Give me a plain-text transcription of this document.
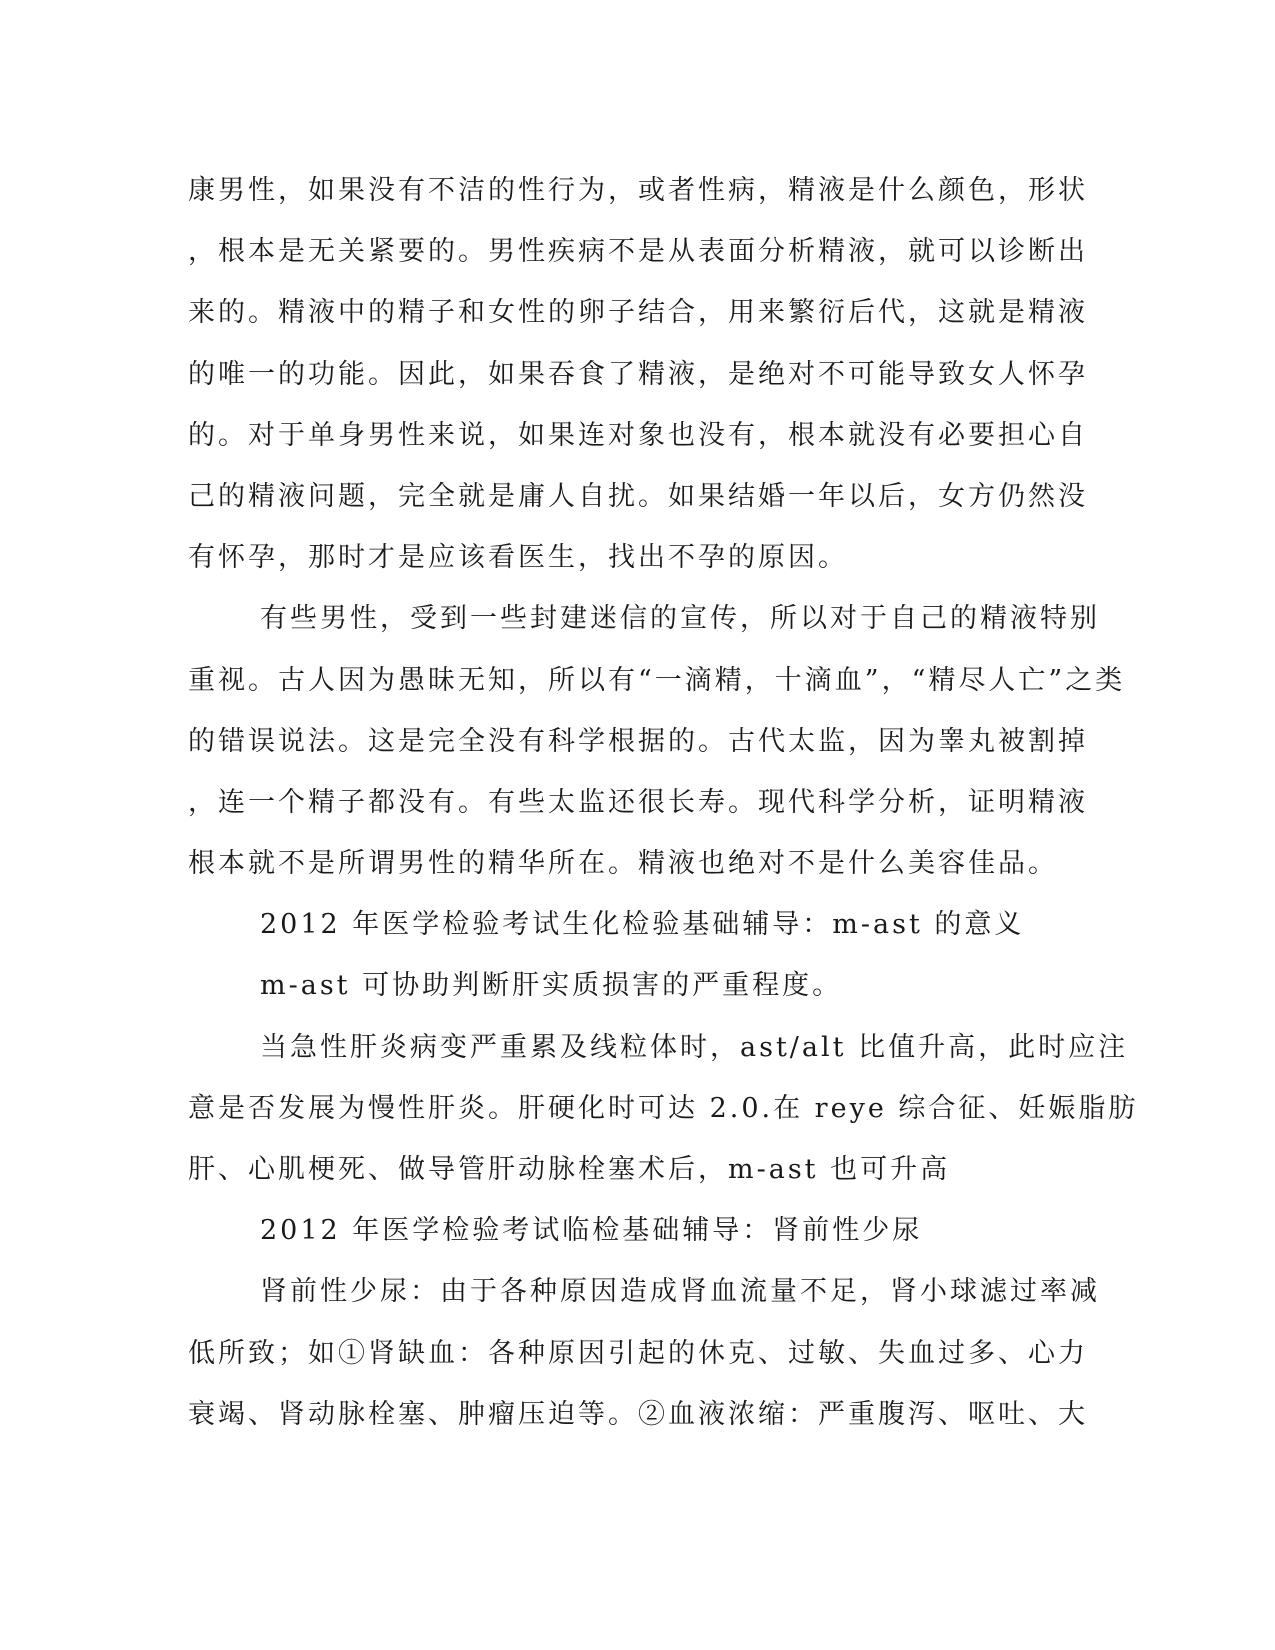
康男性，如果没有不洁的性行为，或者性病，精液是什么颜色，形状
，根本是无关紧要的。男性疾病不是从表面分析精液，就可以诊断出
来的。精液中的精子和女性的卵子结合，用来繁衍后代，这就是精液
的唯一的功能。因此，如果吞食了精液，是绝对不可能导致女人怀孕
的。对于单身男性来说，如果连对象也没有，根本就没有必要担心自
己的精液问题，完全就是庸人自扰。如果结婚一年以后，女方仍然没
有怀孕，那时才是应该看医生，找出不孕的原因。
有些男性，受到一些封建迷信的宣传，所以对于自己的精液特别
重视。古人因为愚昧无知，所以有“一滴精，十滴血”，“精尽人亡”之类
的错误说法。这是完全没有科学根据的。古代太监，因为睾丸被割掉
，连一个精子都没有。有些太监还很长寿。现代科学分析，证明精液
根本就不是所谓男性的精华所在。精液也绝对不是什么美容佳品。
2012 年医学检验考试生化检验基础辅导：m-ast 的意义
m-ast 可协助判断肝实质损害的严重程度。
当急性肝炎病变严重累及线粒体时，ast/alt 比值升高，此时应注
意是否发展为慢性肝炎。肝硬化时可达 2.0.在 reye 综合征、妊娠脂肪
肝、心肌梗死、做导管肝动脉栓塞术后，m-ast 也可升高
2012 年医学检验考试临检基础辅导：肾前性少尿
肾前性少尿：由于各种原因造成肾血流量不足，肾小球滤过率减
低所致；如①肾缺血：各种原因引起的休克、过敏、失血过多、心力
衰竭、肾动脉栓塞、肿瘤压迫等。②血液浓缩：严重腹泻、呕吐、大
